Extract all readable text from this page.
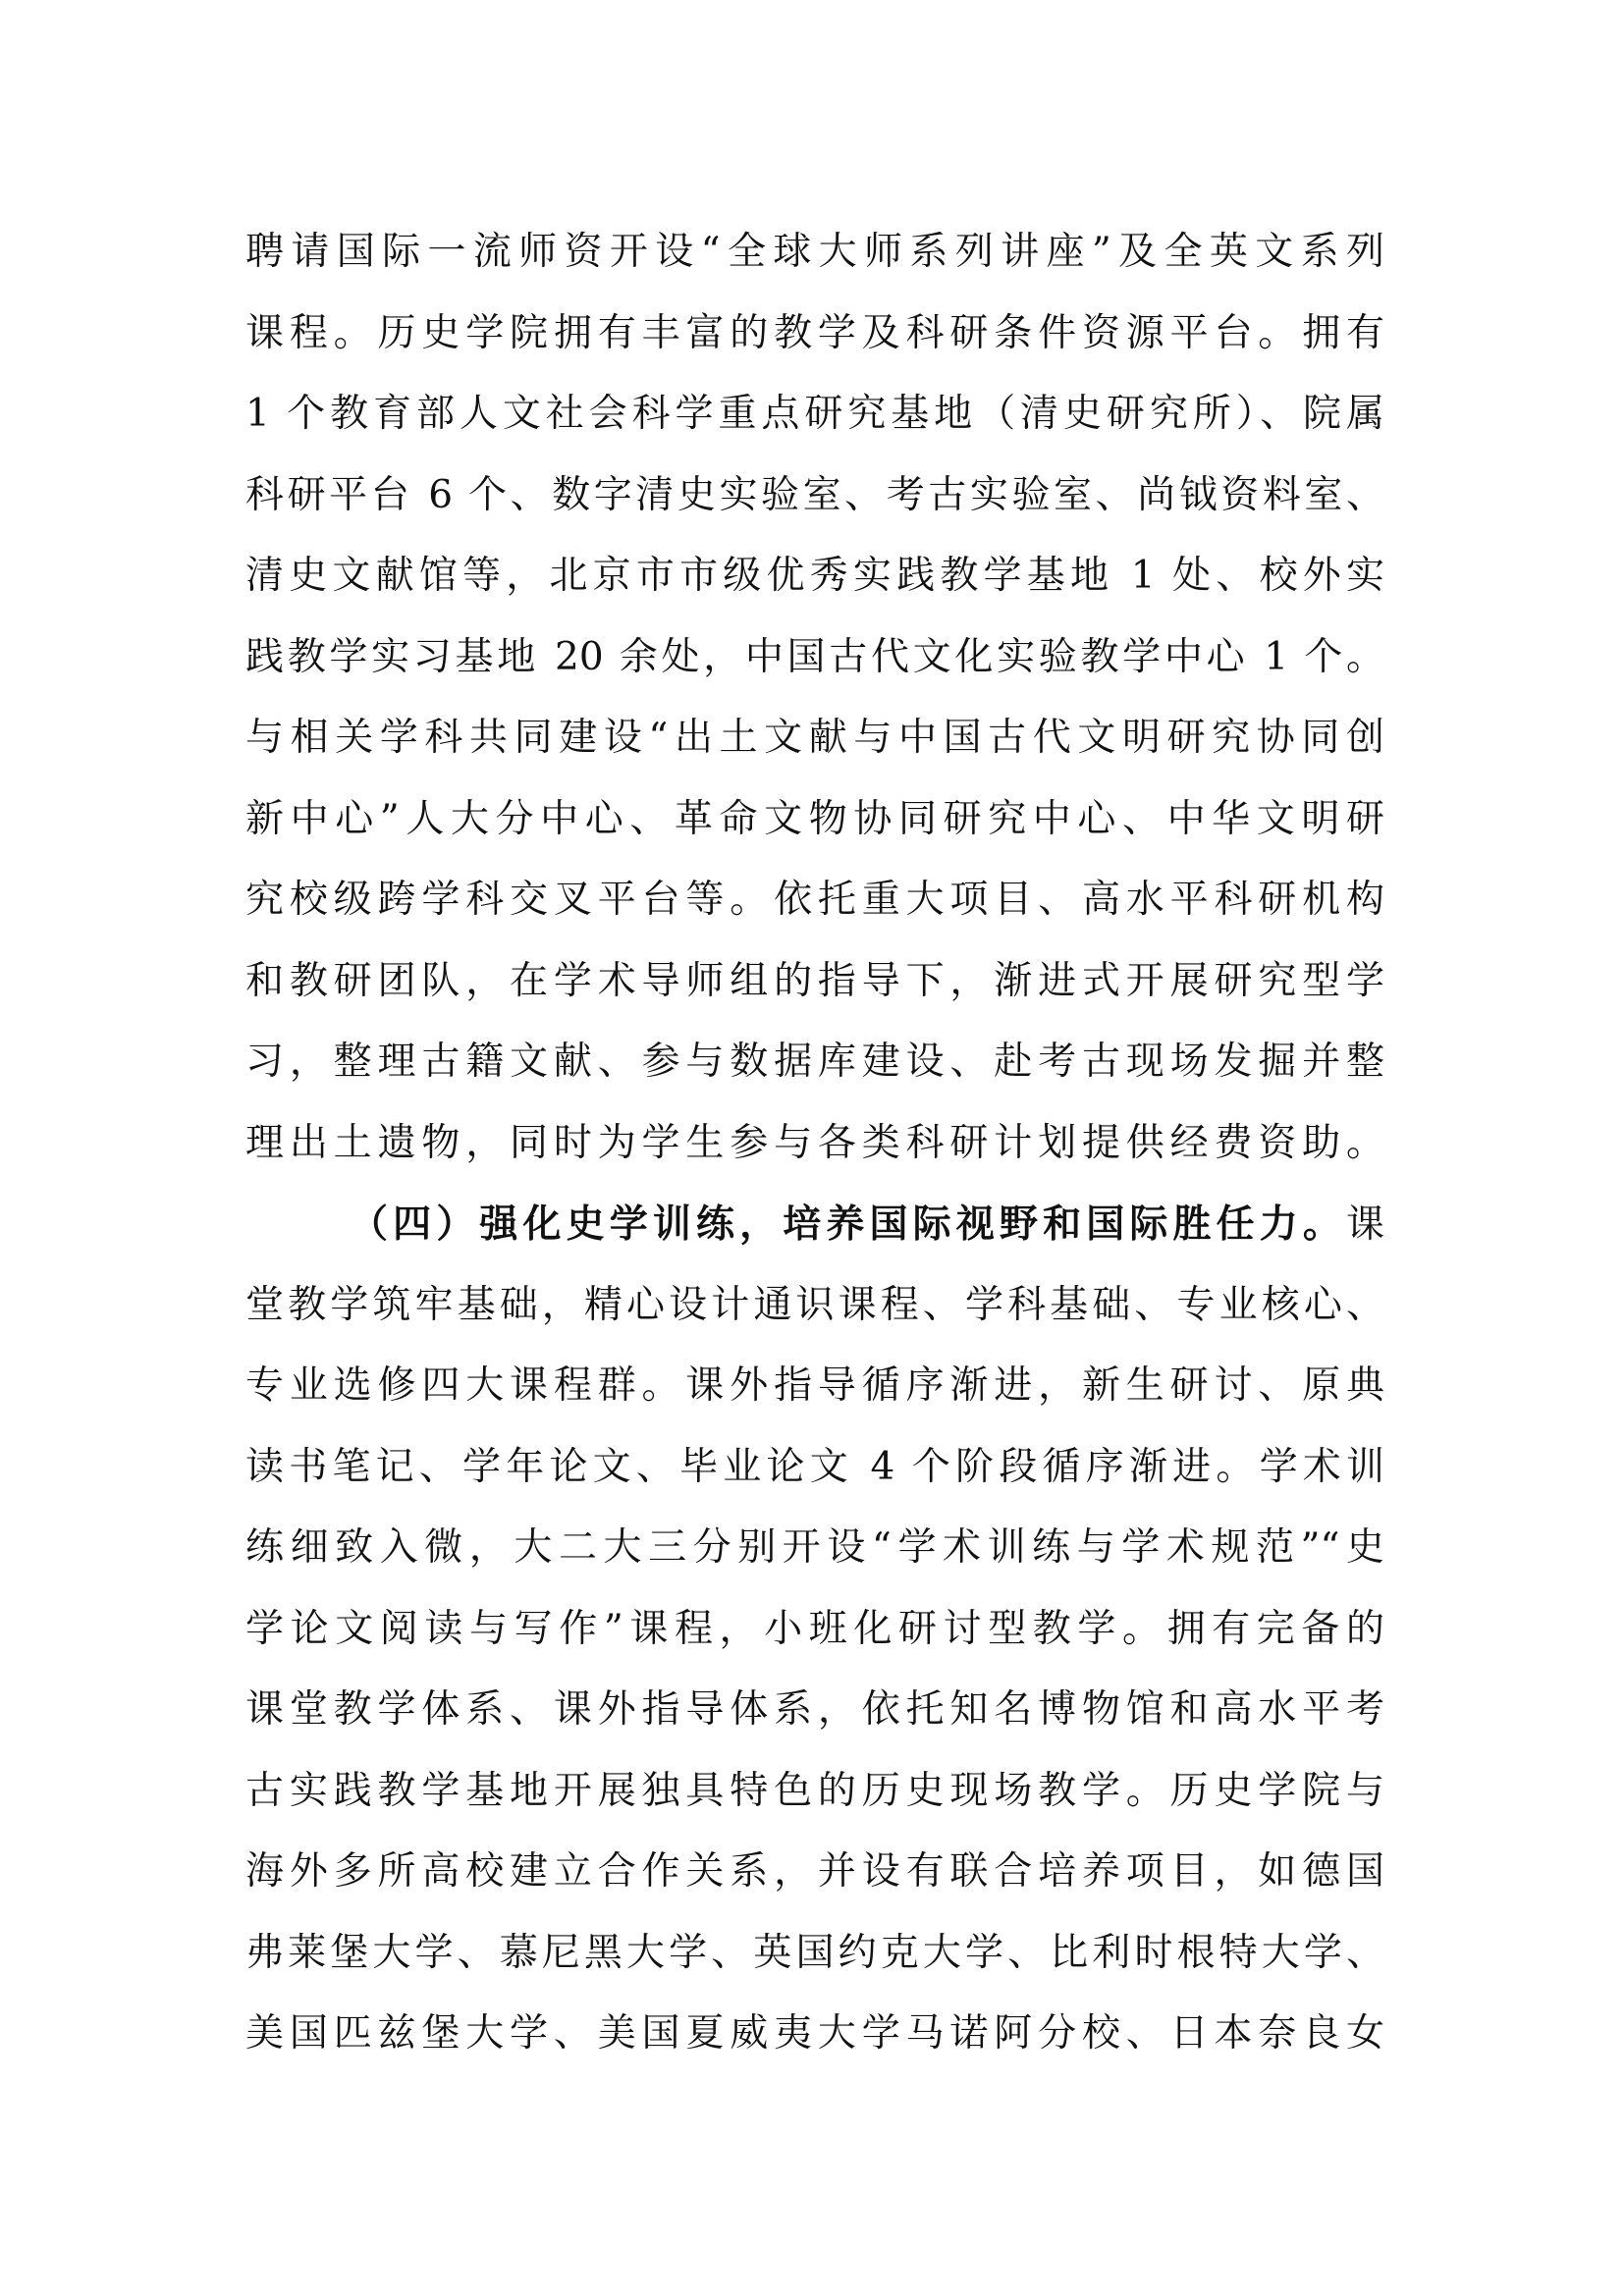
聘请国际一流师资开设“全球大师系列讲座”及全英文系列
课程。历史学院拥有丰富的教学及科研条件资源平台。拥有
1 个教育部人文社会科学重点研究基地（清史研究所）、院属
科研平台 6 个、数字清史实验室、考古实验室、尚钺资料室、
清史文献馆等，北京市市级优秀实践教学基地 1 处、校外实
践教学实习基地 20 余处，中国古代文化实验教学中心 1 个。
与相关学科共同建设“出土文献与中国古代文明研究协同创
新中心”人大分中心、革命文物协同研究中心、中华文明研
究校级跨学科交叉平台等。依托重大项目、高水平科研机构
和教研团队，在学术导师组的指导下，渐进式开展研究型学
习，整理古籍文献、参与数据库建设、赴考古现场发掘并整
理出土遗物，同时为学生参与各类科研计划提供经费资助。
（四）强化史学训练，培养国际视野和国际胜任力。课
堂教学筑牢基础，精心设计通识课程、学科基础、专业核心、
专业选修四大课程群。课外指导循序渐进，新生研讨、原典
读书笔记、学年论文、毕业论文 4 个阶段循序渐进。学术训
练细致入微，大二大三分别开设“学术训练与学术规范”“史
学论文阅读与写作”课程，小班化研讨型教学。拥有完备的
课堂教学体系、课外指导体系，依托知名博物馆和高水平考
古实践教学基地开展独具特色的历史现场教学。历史学院与
海外多所高校建立合作关系，并设有联合培养项目，如德国
弗莱堡大学、慕尼黑大学、英国约克大学、比利时根特大学、
美国匹兹堡大学、美国夏威夷大学马诺阿分校、日本奈良女
